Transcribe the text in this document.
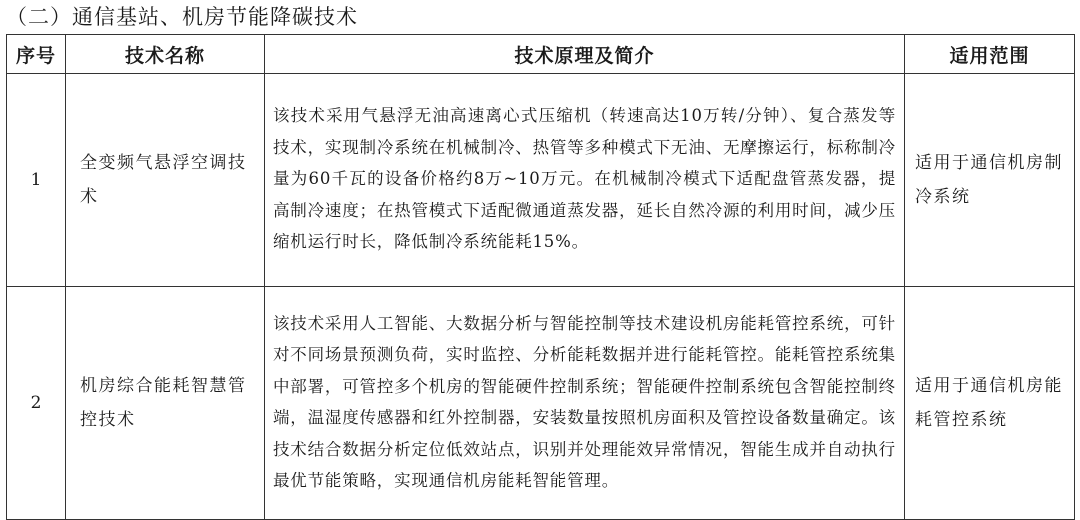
（二）通信基站、机房节能降碳技术
序号	技术名称	技术原理及简介	适用范围
1	全变频气悬浮空调技术	该技术采用气悬浮无油高速离心式压缩机（转速高达10万转/分钟）、复合蒸发等技术，实现制冷系统在机械制冷、热管等多种模式下无油、无摩擦运行，标称制冷量为60千瓦的设备价格约8万~10万元。在机械制冷模式下适配盘管蒸发器，提高制冷速度；在热管模式下适配微通道蒸发器，延长自然冷源的利用时间，减少压缩机运行时长，降低制冷系统能耗15%。	适用于通信机房制冷系统
2	机房综合能耗智慧管控技术	该技术采用人工智能、大数据分析与智能控制等技术建设机房能耗管控系统，可针对不同场景预测负荷，实时监控、分析能耗数据并进行能耗管控。能耗管控系统集中部署，可管控多个机房的智能硬件控制系统；智能硬件控制系统包含智能控制终端，温湿度传感器和红外控制器，安装数量按照机房面积及管控设备数量确定。该技术结合数据分析定位低效站点，识别并处理能效异常情况，智能生成并自动执行最优节能策略，实现通信机房能耗智能管理。	适用于通信机房能耗管控系统
